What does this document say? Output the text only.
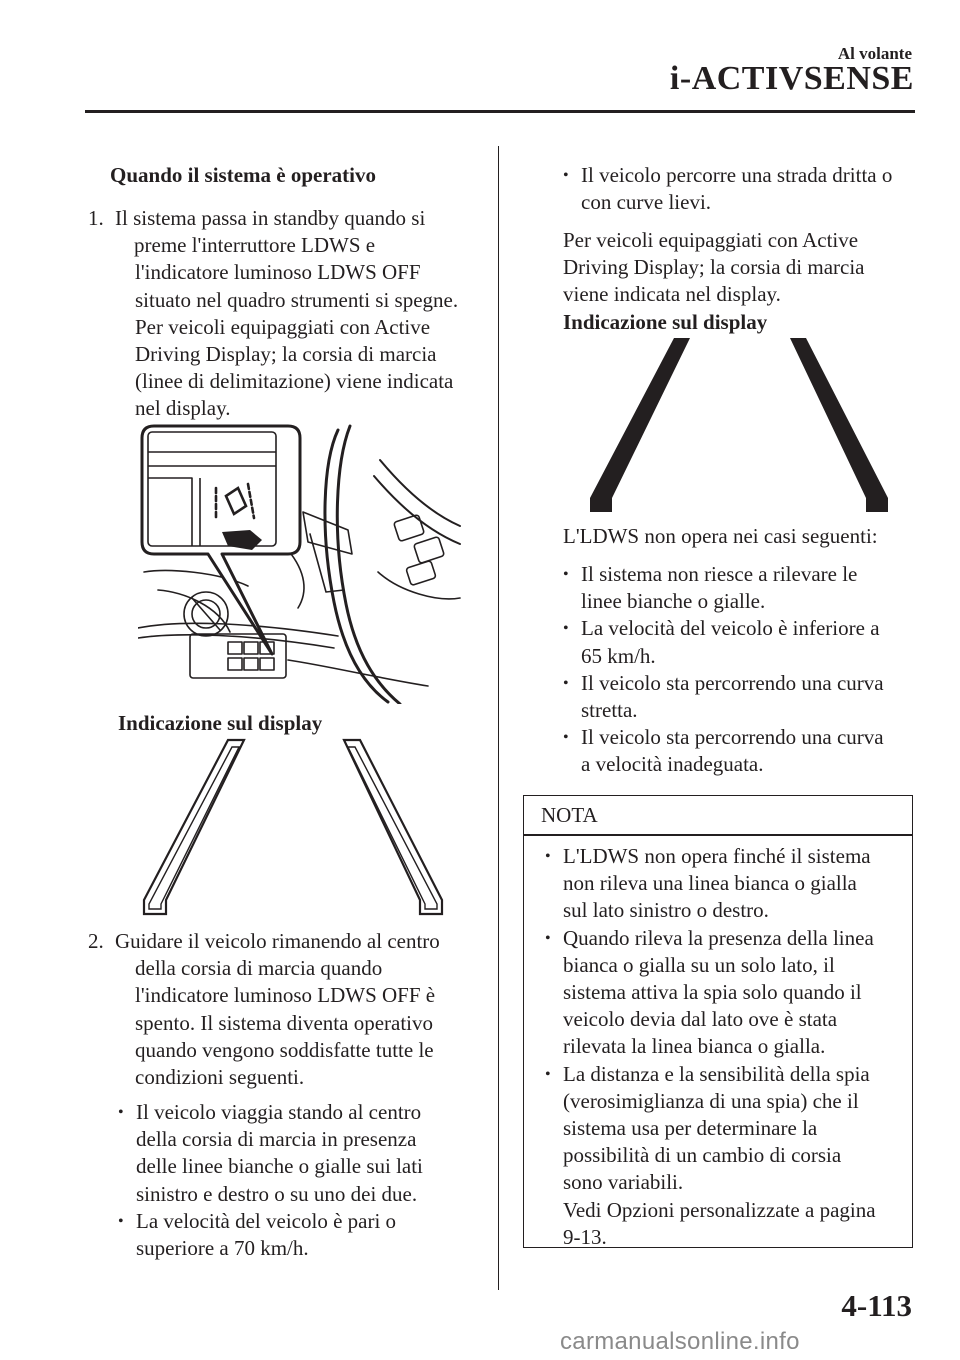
Al volante
i-ACTIVSENSE
Quando il sistema è operativo
1. Il sistema passa in standby quando si
preme l'interruttore LDWS e
l'indicatore luminoso LDWS OFF
situato nel quadro strumenti si spegne.
Per veicoli equipaggiati con Active
Driving Display; la corsia di marcia
(linee di delimitazione) viene indicata
nel display.
Indicazione sul display
2. Guidare il veicolo rimanendo al centro
della corsia di marcia quando
l'indicatore luminoso LDWS OFF è
spento. Il sistema diventa operativo
quando vengono soddisfatte tutte le
condizioni seguenti.
• Il veicolo viaggia stando al centro
della corsia di marcia in presenza
delle linee bianche o gialle sui lati
sinistro e destro o su uno dei due.
• La velocità del veicolo è pari o
superiore a 70 km/h.
• Il veicolo percorre una strada dritta o
con curve lievi.
Per veicoli equipaggiati con Active
Driving Display; la corsia di marcia
viene indicata nel display.
Indicazione sul display
L'LDWS non opera nei casi seguenti:
• Il sistema non riesce a rilevare le
linee bianche o gialle.
• La velocità del veicolo è inferiore a
65 km/h.
• Il veicolo sta percorrendo una curva
stretta.
• Il veicolo sta percorrendo una curva
a velocità inadeguata.
NOTA
• L'LDWS non opera finché il sistema
non rileva una linea bianca o gialla
sul lato sinistro o destro.
• Quando rileva la presenza della linea
bianca o gialla su un solo lato, il
sistema attiva la spia solo quando il
veicolo devia dal lato ove è stata
rilevata la linea bianca o gialla.
• La distanza e la sensibilità della spia
(verosimiglianza di una spia) che il
sistema usa per determinare la
possibilità di un cambio di corsia
sono variabili.
Vedi Opzioni personalizzate a pagina
9-13.
4-113
carmanualsonline.info
